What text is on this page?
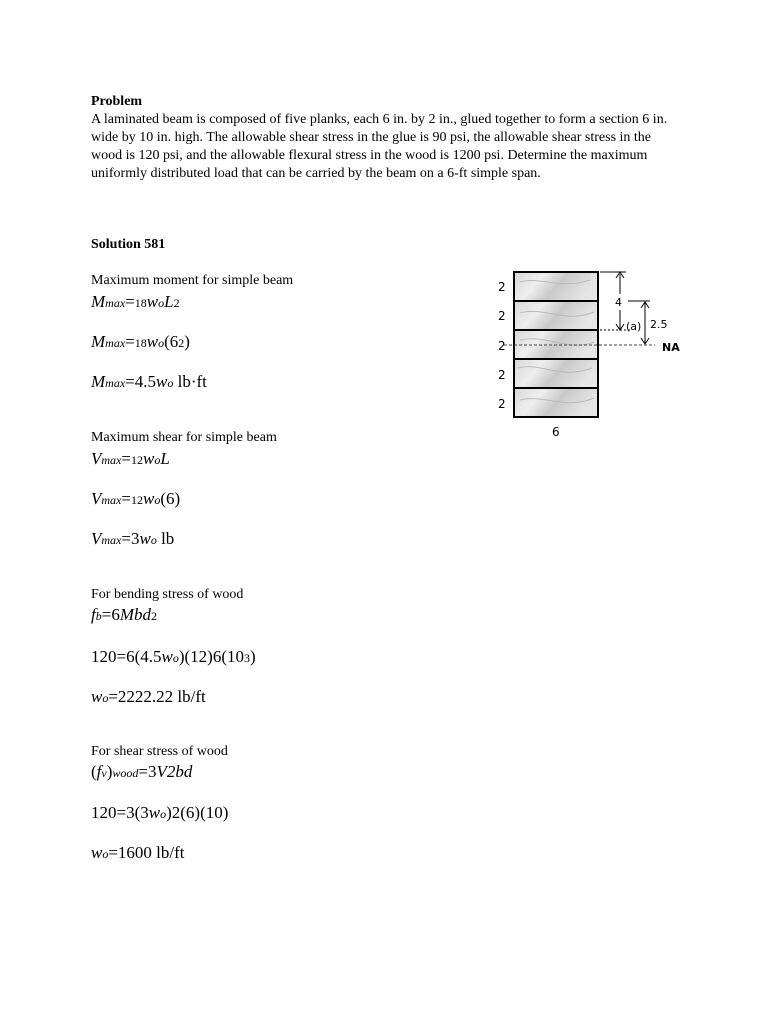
Problem
A laminated beam is composed of five planks, each 6 in. by 2 in., glued together to form a section 6 in. wide by 10 in. high. The allowable shear stress in the glue is 90 psi, the allowable shear stress in the wood is 120 psi, and the allowable flexural stress in the wood is 1200 psi. Determine the maximum uniformly distributed load that can be carried by the beam on a 6-ft simple span.
Solution 581
Maximum moment for simple beam
Mmax=18woL2
Mmax=18wo(62)
Mmax=4.5wo lb·ft
Maximum shear for simple beam
Vmax=12woL
Vmax=12wo(6)
Vmax=3wo lb
For bending stress of wood
fb=6Mbd2
120=6(4.5wo)(12)6(103)
wo=2222.22 lb/ft
For shear stress of wood
(fv)wood=3V2bd
120=3(3wo)2(6)(10)
wo=1600 lb/ft
2
2
2
2
2
6
4
(a) 2.5
NA
